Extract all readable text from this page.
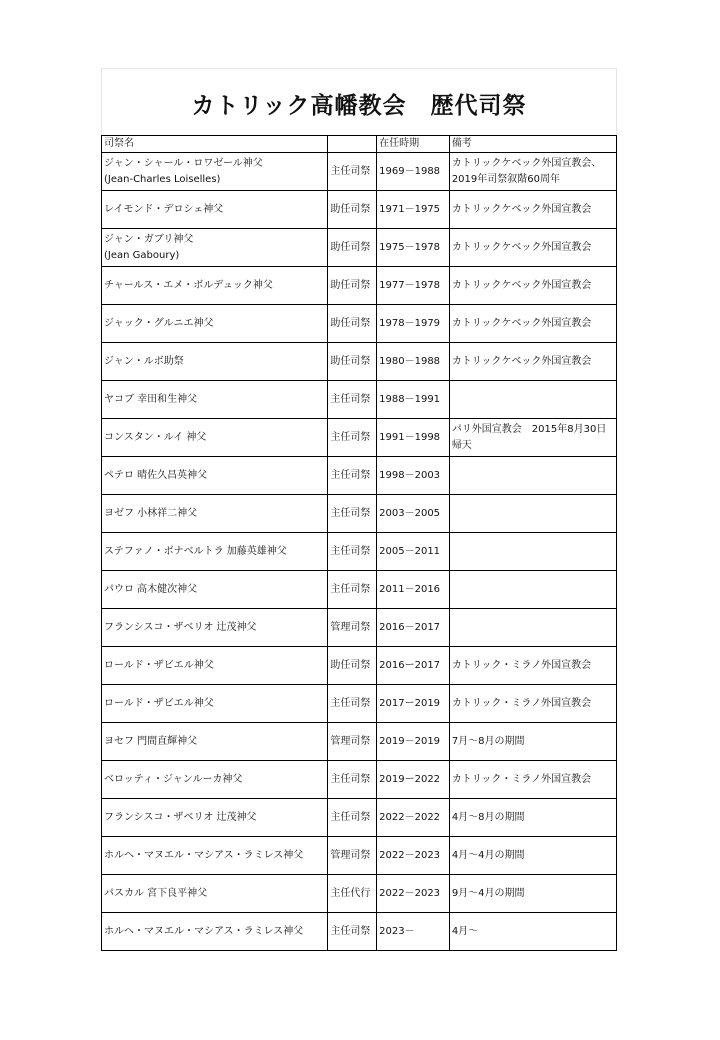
カトリック高幡教会　歴代司祭
司祭名		在任時期	備考

ジャン・シャール・ロワゼール神父
(Jean-Charles Loiselles)	主任司祭	1969－1988	カトリックケベック外国宣教会、
2019年司祭叙階60周年

レイモンド・デロシェ神父	助任司祭	1971－1975	カトリックケベック外国宣教会

ジャン・ガブリ神父
(Jean Gaboury)	助任司祭	1975－1978	カトリックケベック外国宣教会

チャールス・エメ・ボルデュック神父	助任司祭	1977－1978	カトリックケベック外国宣教会

ジャック・グルニエ神父	助任司祭	1978－1979	カトリックケベック外国宣教会

ジャン・ルボ助祭	助任司祭	1980－1988	カトリックケベック外国宣教会

ヤコブ 幸田和生神父	主任司祭	1988－1991	

コンスタン・ルイ 神父	主任司祭	1991－1998	パリ外国宣教会　2015年8月30日
帰天

ペテロ 晴佐久昌英神父	主任司祭	1998－2003	

ヨゼフ 小林祥二神父	主任司祭	2003－2005	

ステファノ・ボナベルトラ 加藤英雄神父	主任司祭	2005－2011	

パウロ 高木健次神父	主任司祭	2011－2016	

フランシスコ・ザベリオ 辻茂神父	管理司祭	2016－2017	

ロールド・ザビエル神父	助任司祭	2016ー2017	カトリック・ミラノ外国宣教会

ロールド・ザビエル神父	主任司祭	2017ー2019	カトリック・ミラノ外国宣教会

ヨセフ 門間直輝神父	管理司祭	2019－2019	7月～8月の期間

ベロッティ・ジャンルーカ神父	主任司祭	2019ー2022	カトリック・ミラノ外国宣教会

フランシスコ・ザベリオ 辻茂神父	主任司祭	2022－2022	4月～8月の期間

ホルヘ・マヌエル・マシアス・ラミレス神父	管理司祭	2022－2023	4月～4月の期間

パスカル 宮下良平神父	主任代行	2022－2023	9月～4月の期間

ホルヘ・マヌエル・マシアス・ラミレス神父	主任司祭	2023－	4月～
